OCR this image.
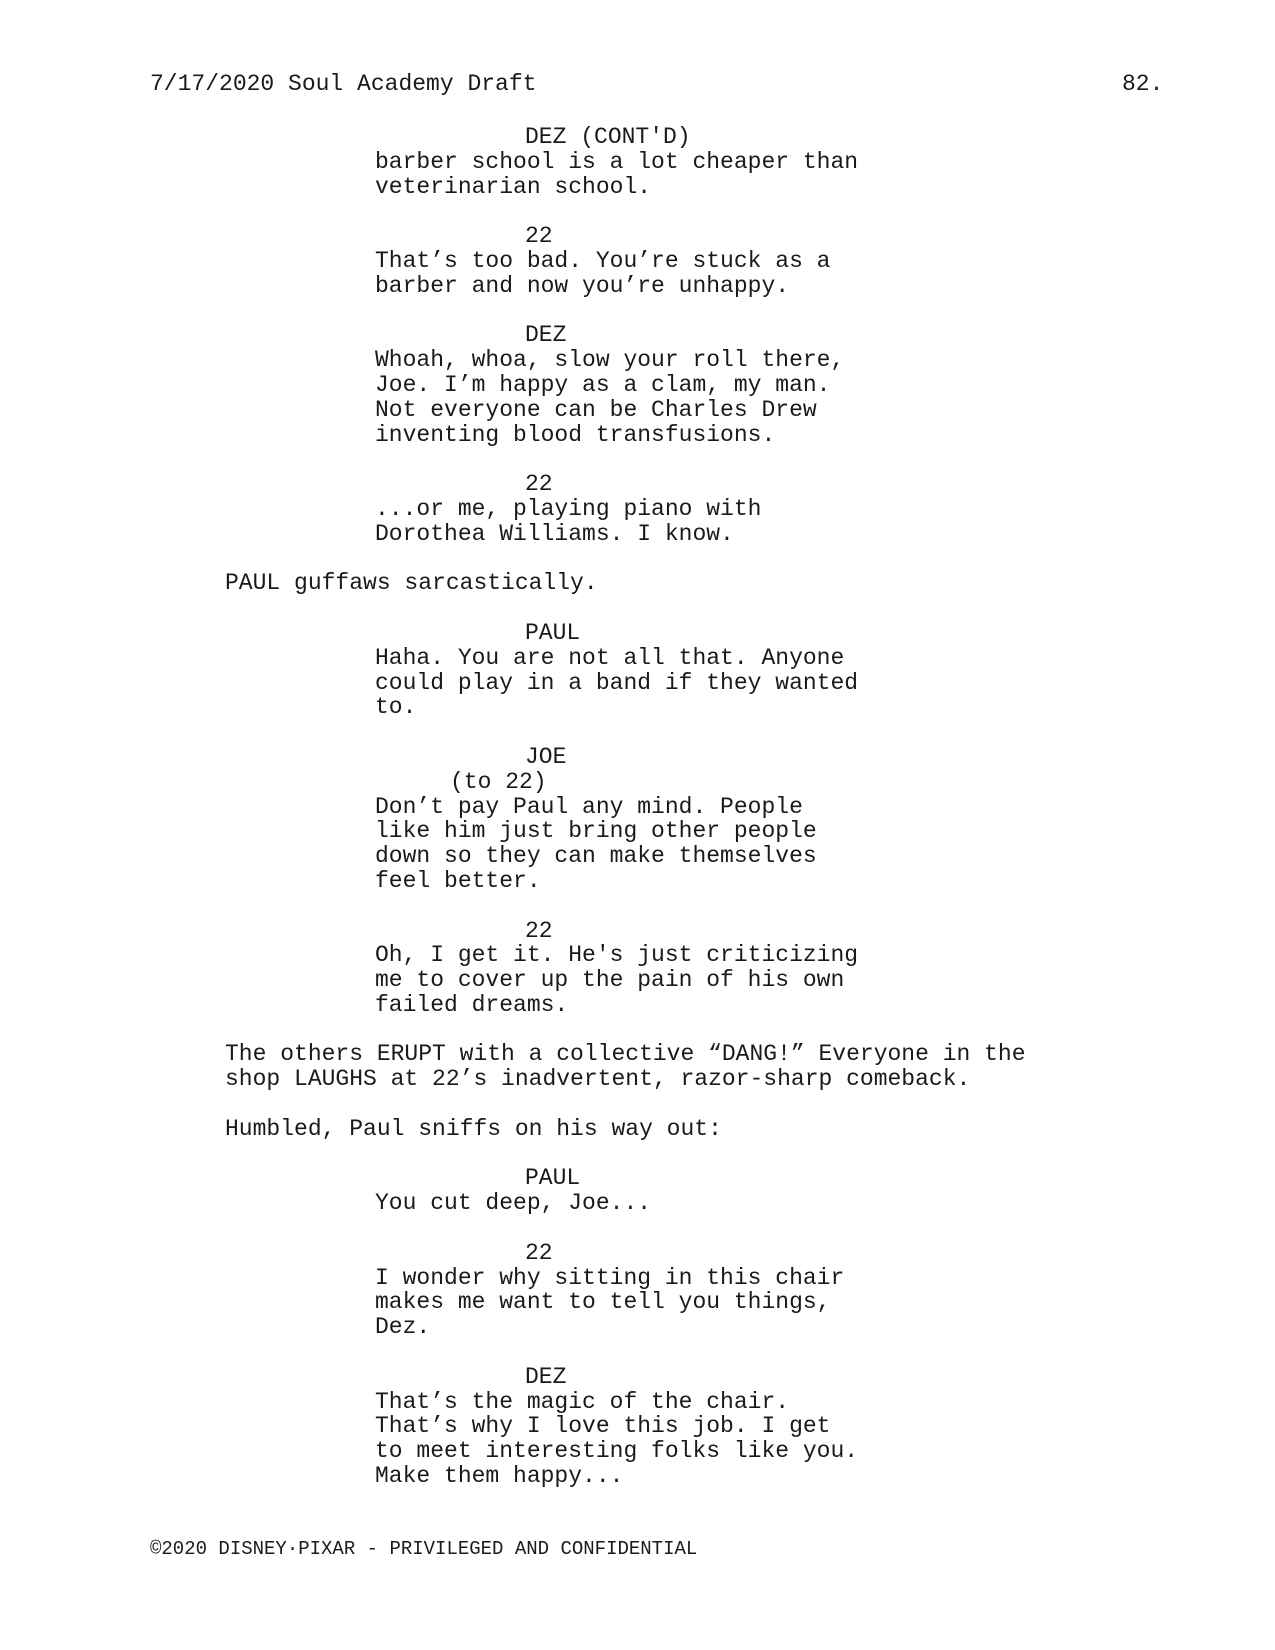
7/17/2020 Soul Academy Draft	82.
DEZ (CONT'D)
barber school is a lot cheaper than
veterinarian school.
22
That’s too bad. You’re stuck as a
barber and now you’re unhappy.
DEZ
Whoah, whoa, slow your roll there,
Joe. I’m happy as a clam, my man.
Not everyone can be Charles Drew
inventing blood transfusions.
22
...or me, playing piano with
Dorothea Williams. I know.
PAUL guffaws sarcastically.
PAUL
Haha. You are not all that. Anyone
could play in a band if they wanted
to.
JOE
(to 22)
Don’t pay Paul any mind. People
like him just bring other people
down so they can make themselves
feel better.
22
Oh, I get it. He's just criticizing
me to cover up the pain of his own
failed dreams.
The others ERUPT with a collective “DANG!” Everyone in the
shop LAUGHS at 22’s inadvertent, razor-sharp comeback.
Humbled, Paul sniffs on his way out:
PAUL
You cut deep, Joe...
22
I wonder why sitting in this chair
makes me want to tell you things,
Dez.
DEZ
That’s the magic of the chair.
That’s why I love this job. I get
to meet interesting folks like you.
Make them happy...
©2020 DISNEY·PIXAR - PRIVILEGED AND CONFIDENTIAL
